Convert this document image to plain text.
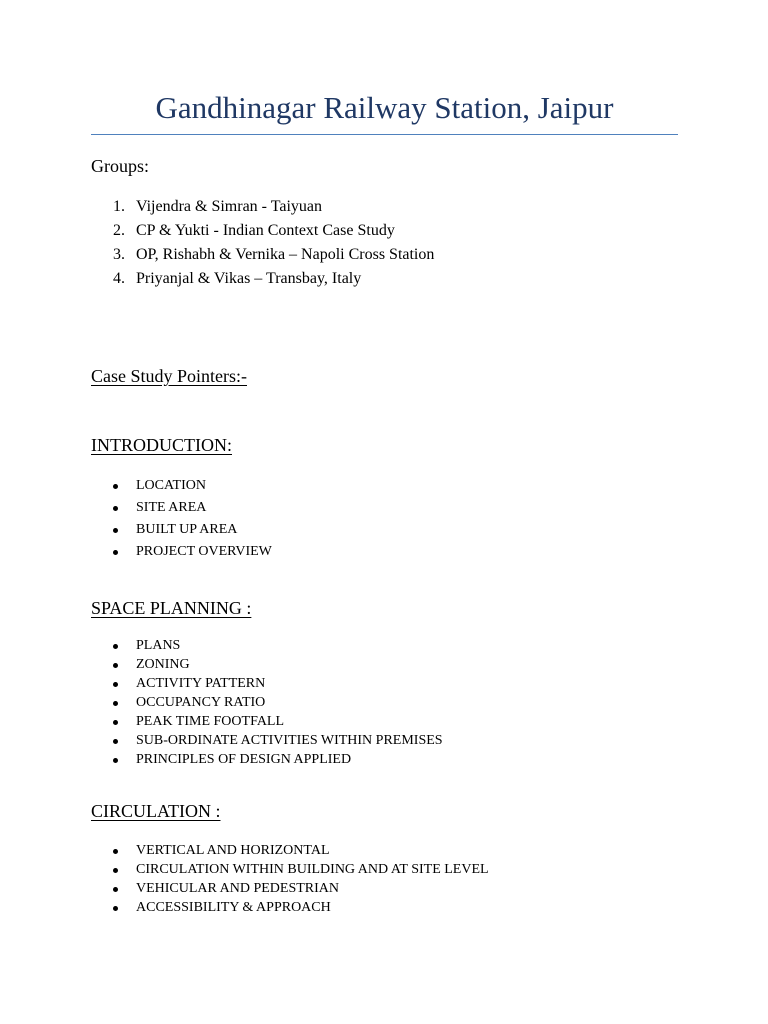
Gandhinagar Railway Station, Jaipur
Groups:
1. Vijendra & Simran - Taiyuan
2. CP & Yukti - Indian Context Case Study
3. OP, Rishabh & Vernika – Napoli Cross Station
4. Priyanjal & Vikas – Transbay, Italy
Case Study Pointers:-
INTRODUCTION:
LOCATION
SITE AREA
BUILT UP AREA
PROJECT OVERVIEW
SPACE PLANNING :
PLANS
ZONING
ACTIVITY PATTERN
OCCUPANCY RATIO
PEAK TIME FOOTFALL
SUB-ORDINATE ACTIVITIES WITHIN PREMISES
PRINCIPLES OF DESIGN APPLIED
CIRCULATION :
VERTICAL AND HORIZONTAL
CIRCULATION WITHIN BUILDING AND AT SITE LEVEL
VEHICULAR AND PEDESTRIAN
ACCESSIBILITY & APPROACH
